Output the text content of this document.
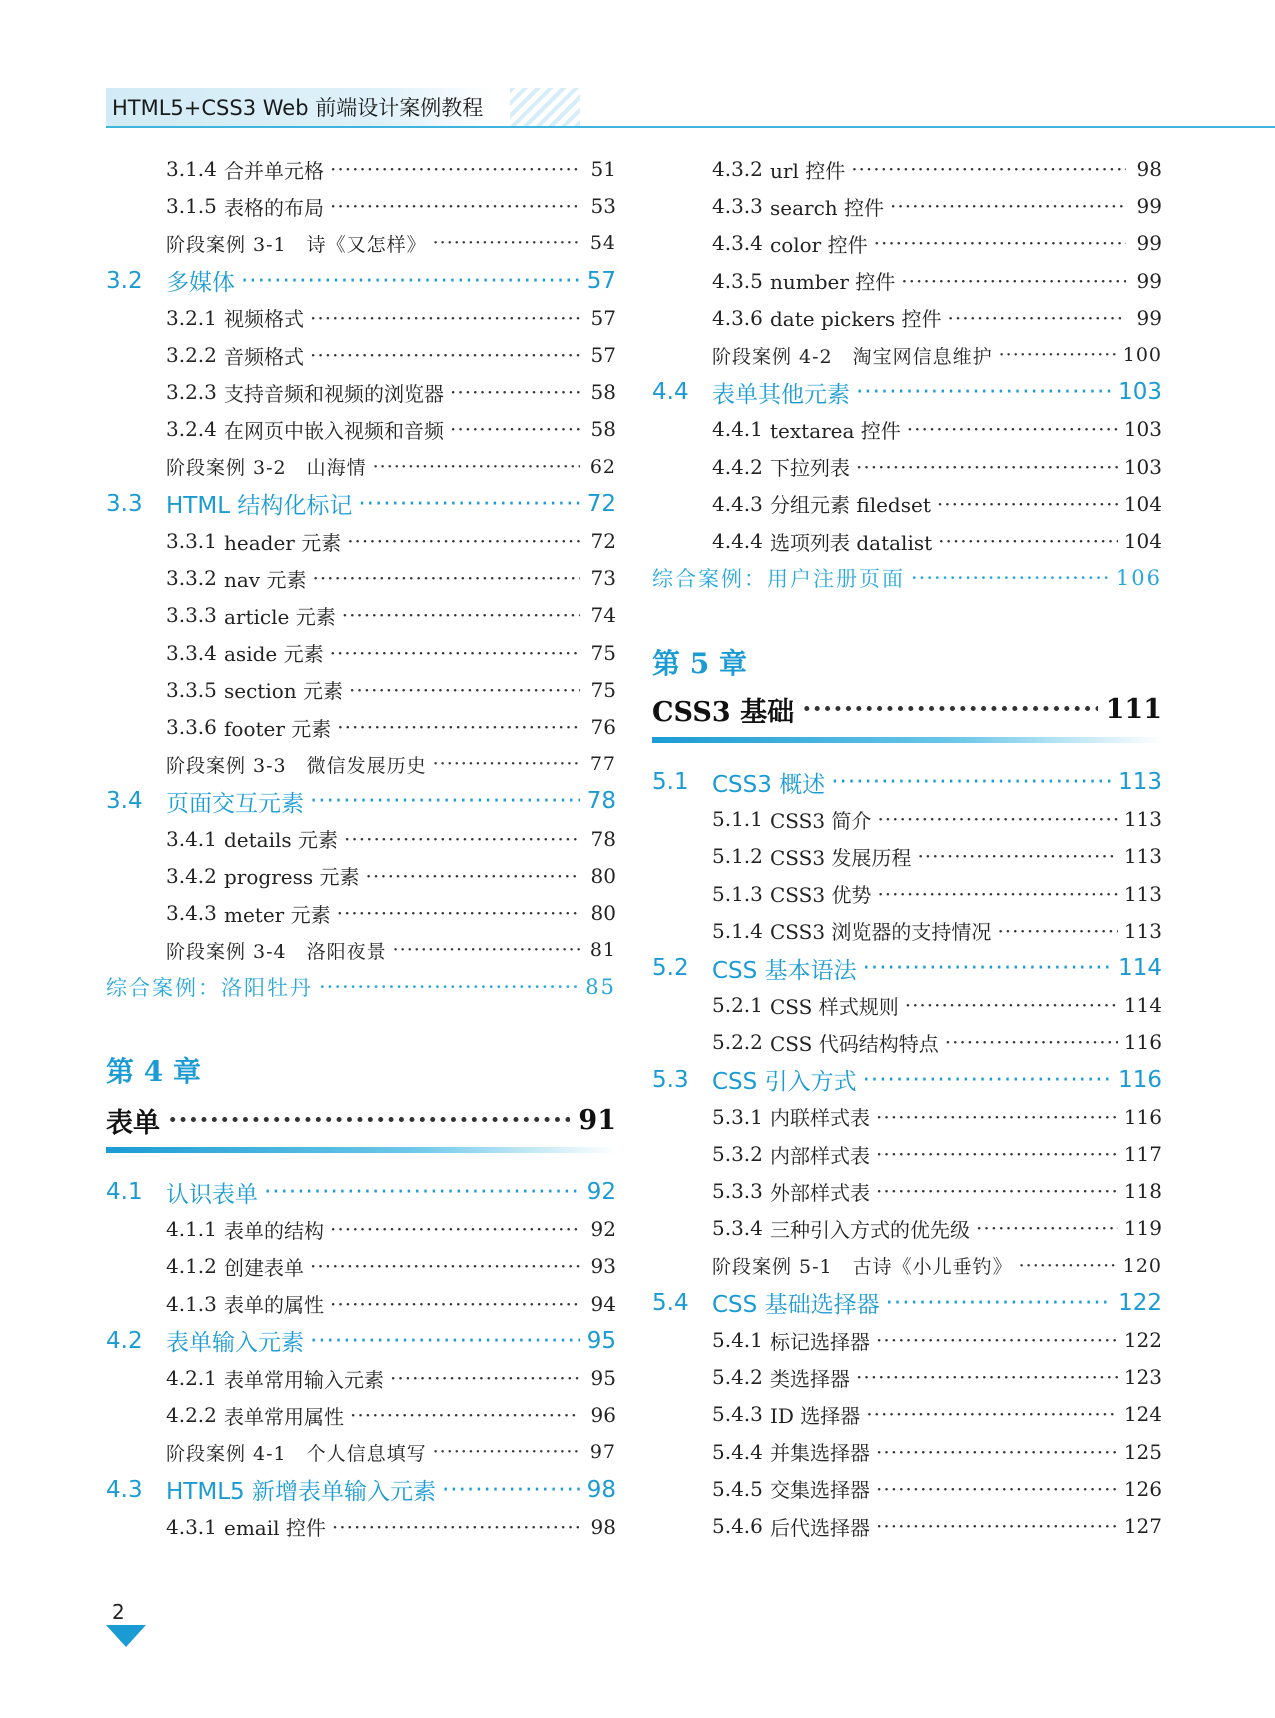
HTML5+CSS3 Web 前端设计案例教程
3.1.4 合并单元格 ·····	51
3.1.5 表格的布局 ·····	53
阶段案例 3-1　诗《又怎样》 ·····	54
3.2	多媒体 ·····	57
3.2.1 视频格式 ·····	57
3.2.2 音频格式 ·····	57
3.2.3 支持音频和视频的浏览器 ·····	58
3.2.4 在网页中嵌入视频和音频 ·····	58
阶段案例 3-2　山海情 ·····	62
3.3	HTML 结构化标记 ·····	72
3.3.1 header 元素 ·····	72
3.3.2 nav 元素 ·····	73
3.3.3 article 元素 ·····	74
3.3.4 aside 元素 ·····	75
3.3.5 section 元素 ·····	75
3.3.6 footer 元素 ·····	76
阶段案例 3-3　微信发展历史 ·····	77
3.4	页面交互元素 ·····	78
3.4.1 details 元素 ·····	78
3.4.2 progress 元素 ·····	80
3.4.3 meter 元素 ·····	80
阶段案例 3-4　洛阳夜景 ·····	81
综合案例：洛阳牡丹 ·····	85
4.1	认识表单 ·····	92
4.1.1 表单的结构 ·····	92
4.1.2 创建表单 ·····	93
4.1.3 表单的属性 ·····	94
4.2	表单输入元素 ·····	95
4.2.1 表单常用输入元素 ·····	95
4.2.2 表单常用属性 ·····	96
阶段案例 4-1　个人信息填写 ·····	97
4.3	HTML5 新增表单输入元素 ·····	98
4.3.1 email 控件 ·····	98
4.3.2 url 控件 ·····	98
4.3.3 search 控件 ·····	99
4.3.4 color 控件 ·····	99
4.3.5 number 控件 ·····	99
4.3.6 date pickers 控件 ·····	99
阶段案例 4-2　淘宝网信息维护 ·····	100
4.4	表单其他元素 ·····	103
4.4.1 textarea 控件 ·····	103
4.4.2 下拉列表 ·····	103
4.4.3 分组元素 filedset ·····	104
4.4.4 选项列表 datalist ·····	104
综合案例：用户注册页面 ·····	106
5.1	CSS3 概述 ·····	113
5.1.1 CSS3 简介 ·····	113
5.1.2 CSS3 发展历程 ·····	113
5.1.3 CSS3 优势 ·····	113
5.1.4 CSS3 浏览器的支持情况 ·····	113
5.2	CSS 基本语法 ·····	114
5.2.1 CSS 样式规则 ·····	114
5.2.2 CSS 代码结构特点 ·····	116
5.3	CSS 引入方式 ·····	116
5.3.1 内联样式表 ·····	116
5.3.2 内部样式表 ·····	117
5.3.3 外部样式表 ·····	118
5.3.4 三种引入方式的优先级 ·····	119
阶段案例 5-1　古诗《小儿垂钓》 ·····	120
5.4	CSS 基础选择器 ·····	122
5.4.1 标记选择器 ·····	122
5.4.2 类选择器 ·····	123
5.4.3 ID 选择器 ·····	124
5.4.4 并集选择器 ·····	125
5.4.5 交集选择器 ·····	126
5.4.6 后代选择器 ·····	127
第 4 章
表单 ·····	91
第 5 章
CSS3 基础 ·····	111
2
